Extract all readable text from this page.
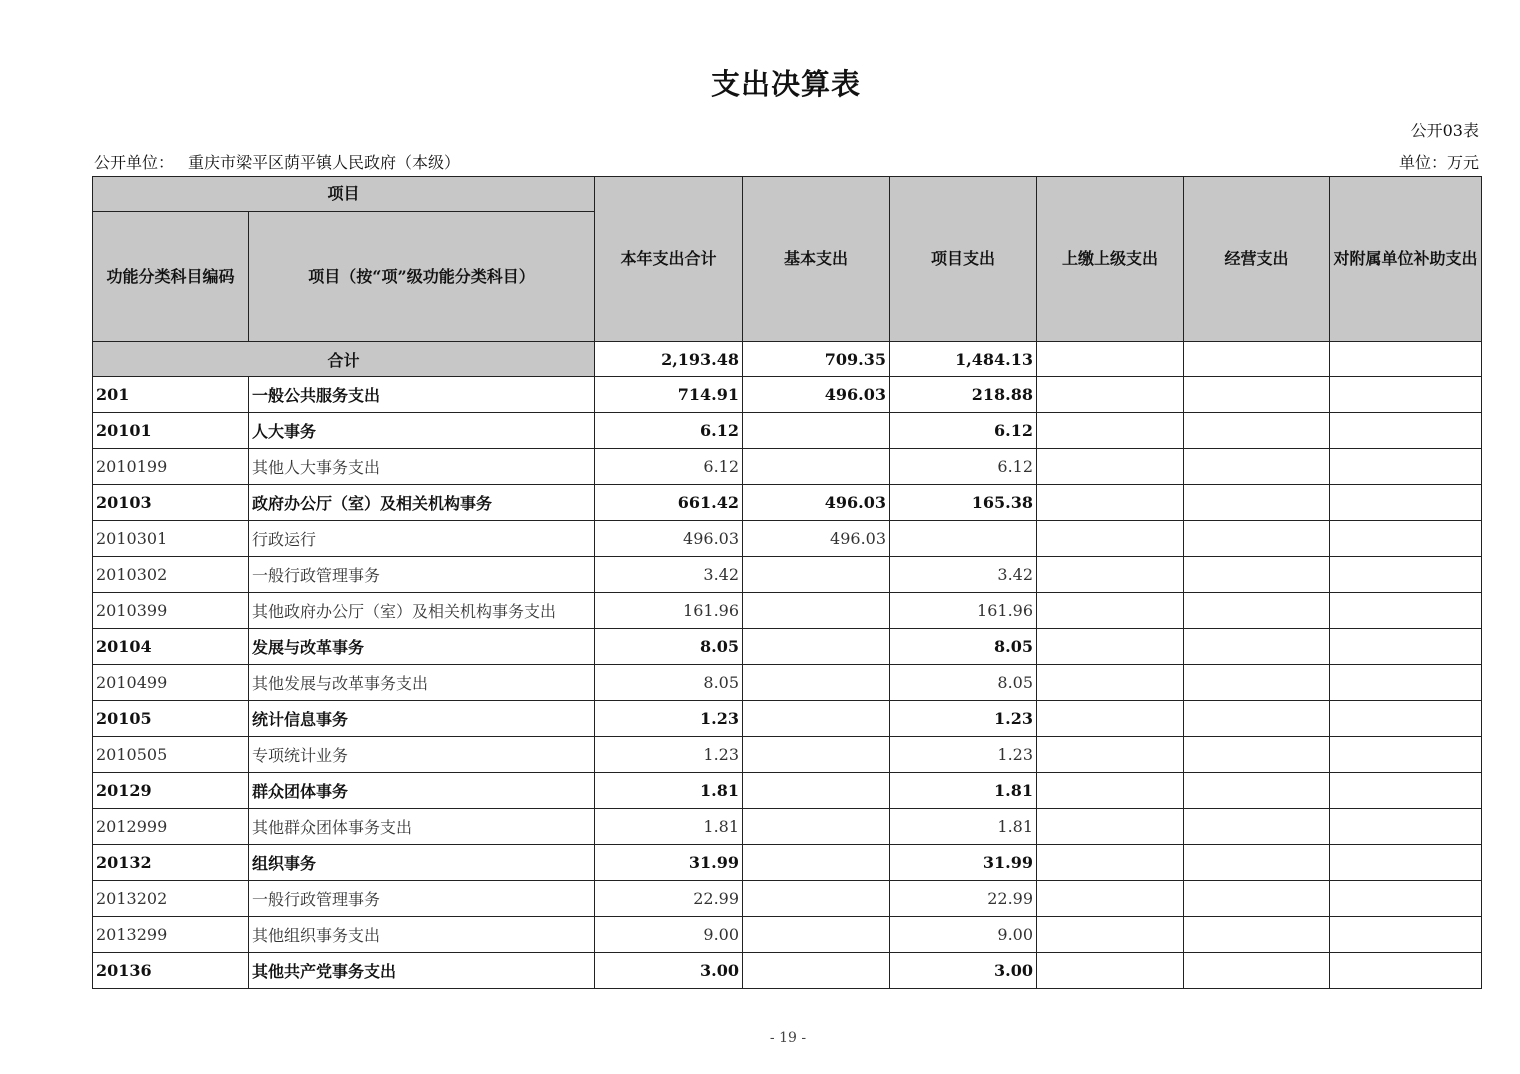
支出决算表
公开03表
公开单位： 重庆市梁平区荫平镇人民政府（本级）	单位：万元
项目		本年支出合计	基本支出	项目支出	上缴上级支出	经营支出	对附属单位补助支出
功能分类科目编码	项目（按“项”级功能分类科目）						
合计		2,193.48	709.35	1,484.13			
201	一般公共服务支出	714.91	496.03	218.88			
20101	人大事务	6.12		6.12			
2010199	其他人大事务支出	6.12		6.12			
20103	政府办公厅（室）及相关机构事务	661.42	496.03	165.38			
2010301	行政运行	496.03	496.03				
2010302	一般行政管理事务	3.42		3.42			
2010399	其他政府办公厅（室）及相关机构事务支出	161.96		161.96			
20104	发展与改革事务	8.05		8.05			
2010499	其他发展与改革事务支出	8.05		8.05			
20105	统计信息事务	1.23		1.23			
2010505	专项统计业务	1.23		1.23			
20129	群众团体事务	1.81		1.81			
2012999	其他群众团体事务支出	1.81		1.81			
20132	组织事务	31.99		31.99			
2013202	一般行政管理事务	22.99		22.99			
2013299	其他组织事务支出	9.00		9.00			
20136	其他共产党事务支出	3.00		3.00			
- 19 -
